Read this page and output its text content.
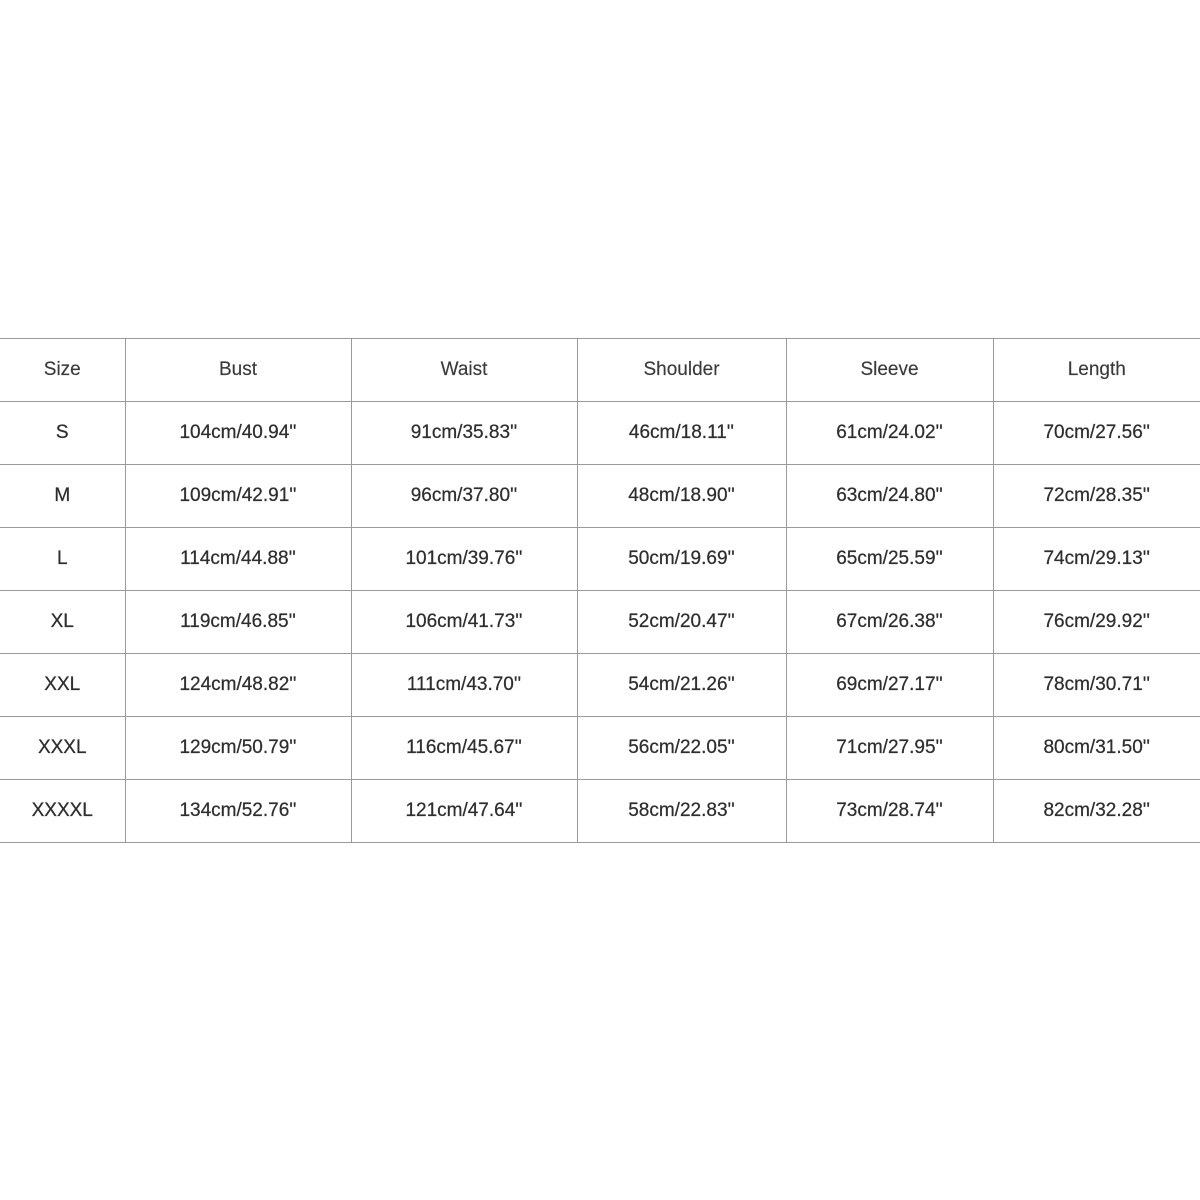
Size	Bust	Waist	Shoulder	Sleeve	Length
S	104cm/40.94''	91cm/35.83''	46cm/18.11''	61cm/24.02''	70cm/27.56''
M	109cm/42.91''	96cm/37.80''	48cm/18.90''	63cm/24.80''	72cm/28.35''
L	114cm/44.88''	101cm/39.76''	50cm/19.69''	65cm/25.59''	74cm/29.13''
XL	119cm/46.85''	106cm/41.73''	52cm/20.47''	67cm/26.38''	76cm/29.92''
XXL	124cm/48.82''	111cm/43.70''	54cm/21.26''	69cm/27.17''	78cm/30.71''
XXXL	129cm/50.79''	116cm/45.67''	56cm/22.05''	71cm/27.95''	80cm/31.50''
XXXXL	134cm/52.76''	121cm/47.64''	58cm/22.83''	73cm/28.74''	82cm/32.28''
